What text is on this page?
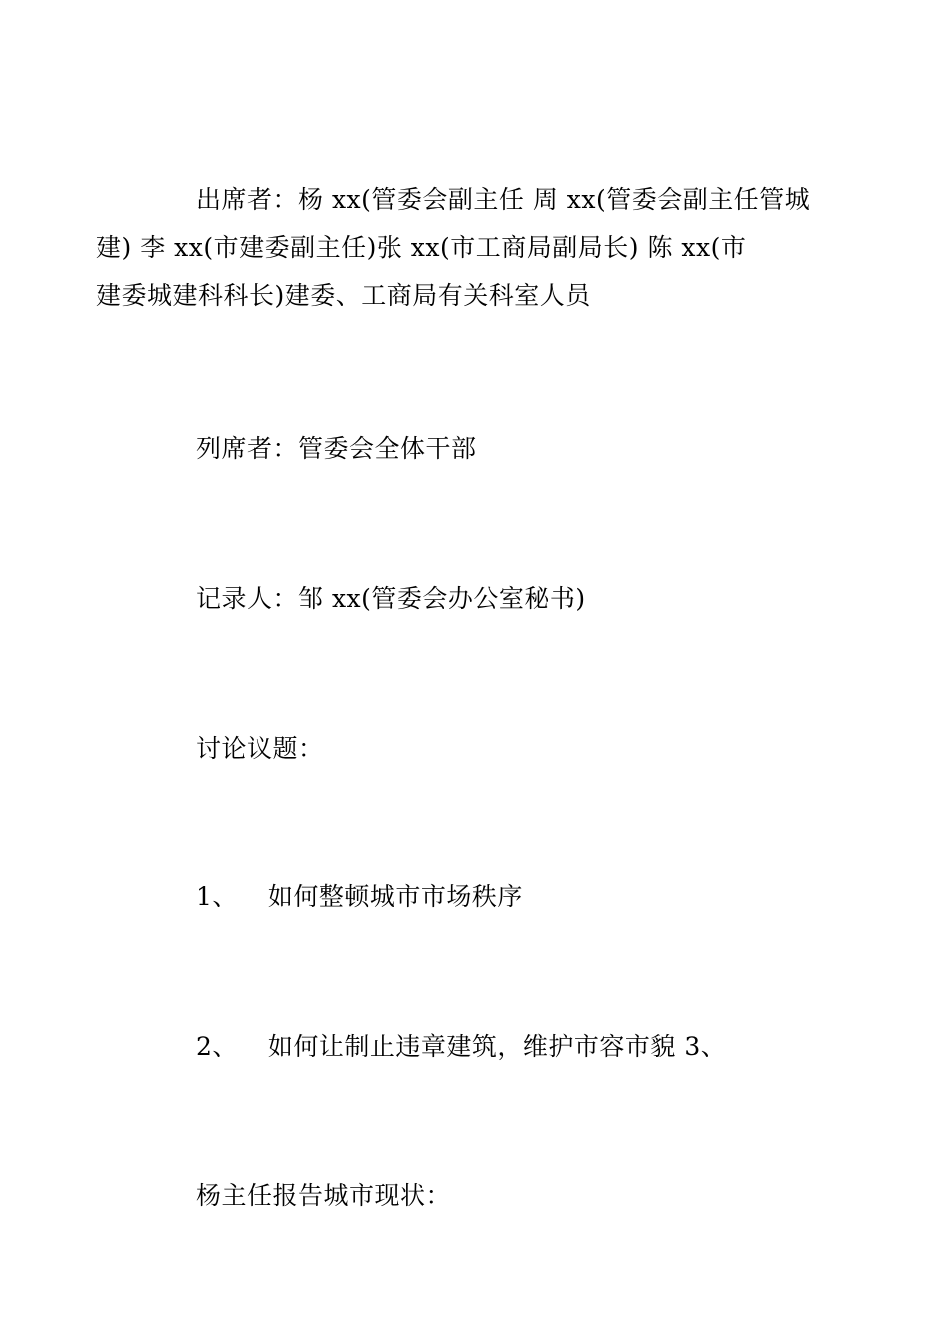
出席者：杨 xx(管委会副主任 周 xx(管委会副主任管城
建) 李 xx(市建委副主任)张 xx(市工商局副局长) 陈 xx(市
建委城建科科长)建委、工商局有关科室人员
列席者：管委会全体干部
记录人：邹 xx(管委会办公室秘书)
讨论议题：
1、 如何整顿城市市场秩序
2、 如何让制止违章建筑，维护市容市貌 3、
杨主任报告城市现状：
